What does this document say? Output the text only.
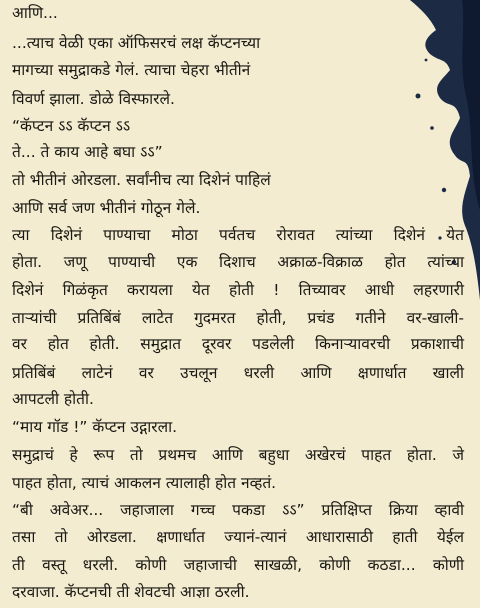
आणि...
...त्याच वेळी एका ऑफिसरचं लक्ष कॅप्टनच्या
मागच्या समुद्राकडे गेलं. त्याचा चेहरा भीतीनं
विवर्ण झाला. डोळे विस्फारले.
“कॅप्टन ऽऽ कॅप्टन ऽऽ
ते... ते काय आहे बघा ऽऽ”
तो भीतीनं ओरडला. सर्वांनीच त्या दिशेनं पाहिलं
आणि सर्व जण भीतीनं गोठून गेले.
त्या दिशेनं पाण्याचा मोठा पर्वतच रोरावत त्यांच्या दिशेनं येत
होता. जणू पाण्याची एक दिशाच अक्राळ-विक्राळ होत त्यांच्या
दिशेनं गिळंकृत करायला येत होती ! तिच्यावर आधी लहरणारी
ताऱ्यांची प्रतिबिंबं लाटेत गुदमरत होती, प्रचंड गतीने वर-खाली-
वर होत होती. समुद्रात दूरवर पडलेली किनाऱ्यावरची प्रकाशाची
प्रतिबिंबं लाटेनं वर उचलून धरली आणि क्षणार्धात खाली
आपटली होती.
“माय गॉड !” कॅप्टन उद्गारला.
समुद्राचं हे रूप तो प्रथमच आणि बहुधा अखेरचं पाहत होता. जे
पाहत होता, त्याचं आकलन त्यालाही होत नव्हतं.
“बी अवेअर... जहाजाला गच्च पकडा ऽऽ” प्रतिक्षिप्त क्रिया व्हावी
तसा तो ओरडला. क्षणार्धात ज्यानं-त्यानं आधारासाठी हाती येईल
ती वस्तू धरली. कोणी जहाजाची साखळी, कोणी कठडा... कोणी
दरवाजा. कॅप्टनची ती शेवटची आज्ञा ठरली.
